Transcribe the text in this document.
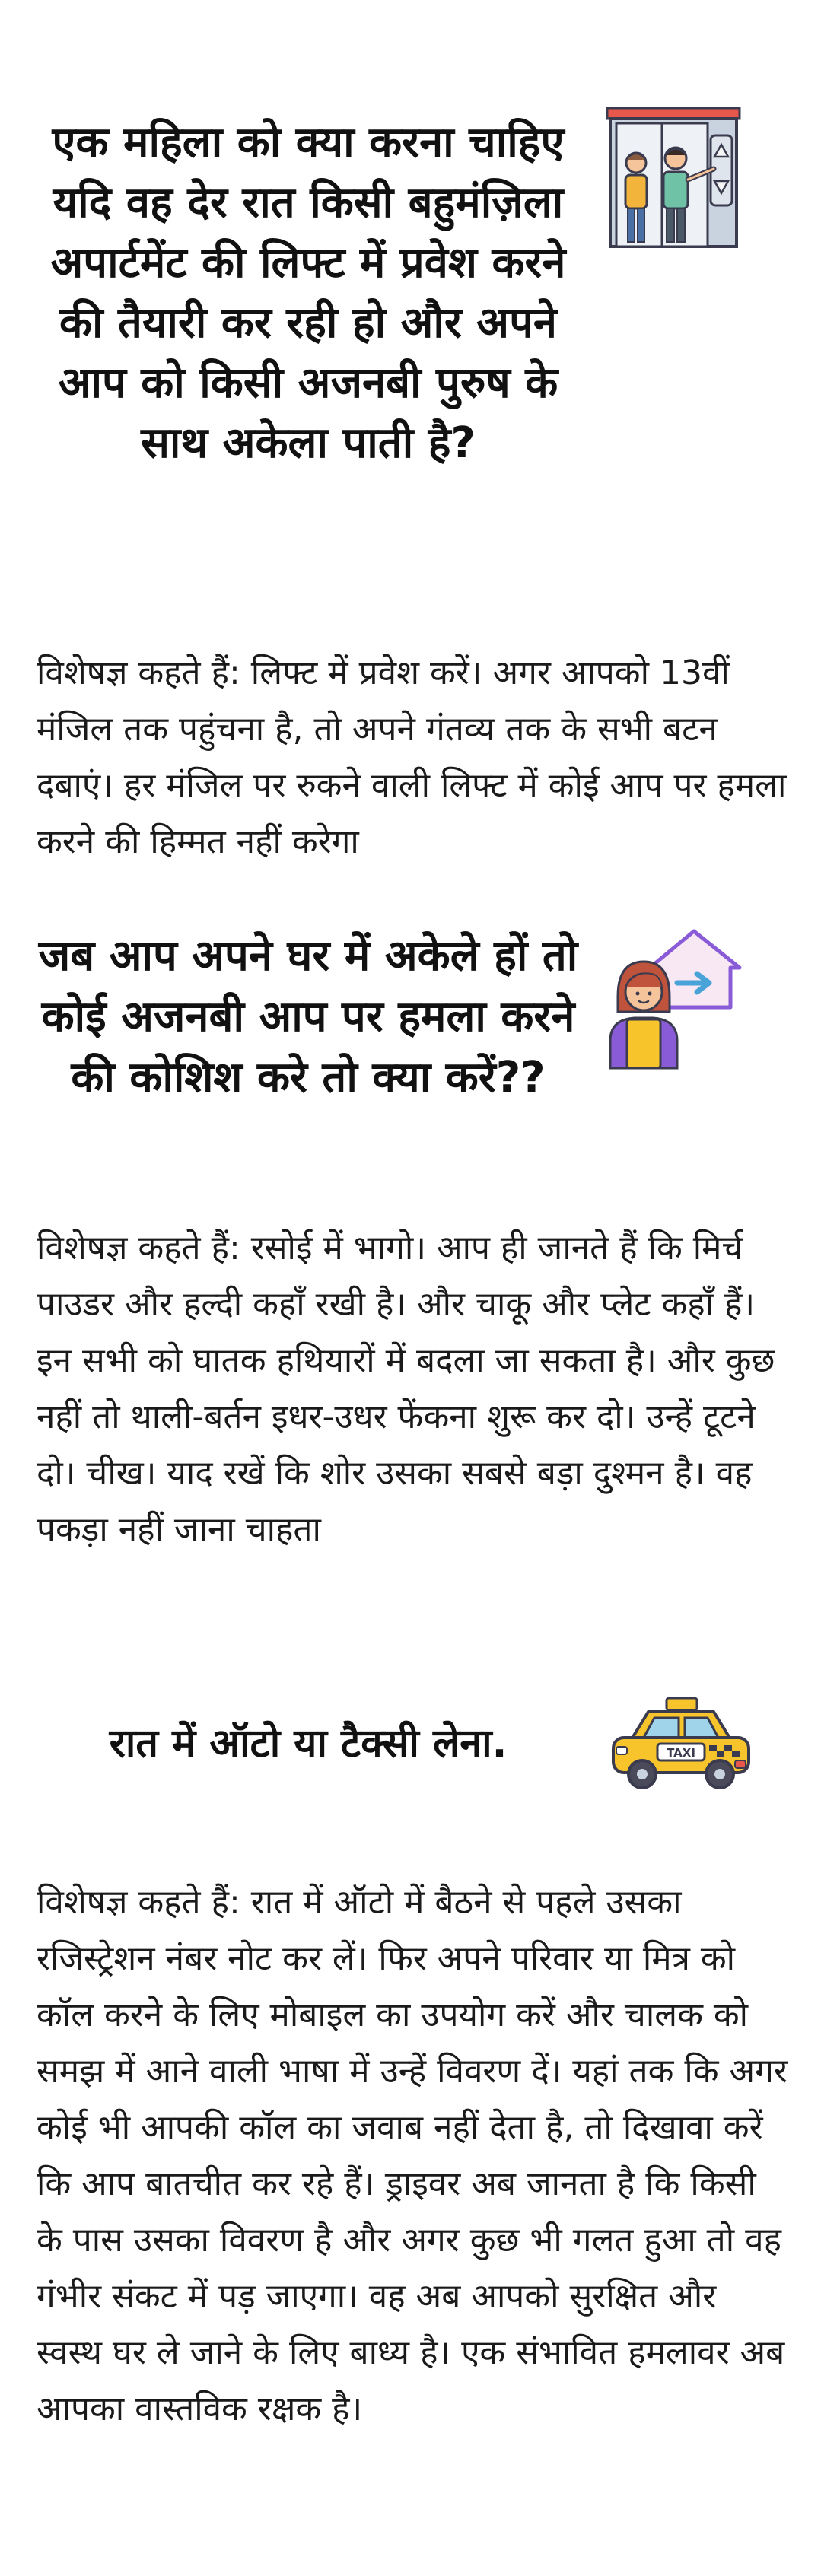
एक महिला को क्या करना चाहिए यदि वह देर रात किसी बहुमंज़िला अपार्टमेंट की लिफ्ट में प्रवेश करने की तैयारी कर रही हो और अपने आप को किसी अजनबी पुरुष के साथ अकेला पाती है?
विशेषज्ञ कहते हैं: लिफ्ट में प्रवेश करें। अगर आपको 13वीं मंजिल तक पहुंचना है, तो अपने गंतव्य तक के सभी बटन दबाएं। हर मंजिल पर रुकने वाली लिफ्ट में कोई आप पर हमला करने की हिम्मत नहीं करेगा
जब आप अपने घर में अकेले हों तो कोई अजनबी आप पर हमला करने की कोशिश करे तो क्या करें??
विशेषज्ञ कहते हैं: रसोई में भागो। आप ही जानते हैं कि मिर्च पाउडर और हल्दी कहाँ रखी है। और चाकू और प्लेट कहाँ हैं। इन सभी को घातक हथियारों में बदला जा सकता है। और कुछ नहीं तो थाली-बर्तन इधर-उधर फेंकना शुरू कर दो। उन्हें टूटने दो। चीख। याद रखें कि शोर उसका सबसे बड़ा दुश्मन है। वह पकड़ा नहीं जाना चाहता
रात में ऑटो या टैक्सी लेना.	TAXI
विशेषज्ञ कहते हैं: रात में ऑटो में बैठने से पहले उसका रजिस्ट्रेशन नंबर नोट कर लें। फिर अपने परिवार या मित्र को कॉल करने के लिए मोबाइल का उपयोग करें और चालक को समझ में आने वाली भाषा में उन्हें विवरण दें। यहां तक कि अगर कोई भी आपकी कॉल का जवाब नहीं देता है, तो दिखावा करें कि आप बातचीत कर रहे हैं। ड्राइवर अब जानता है कि किसी के पास उसका विवरण है और अगर कुछ भी गलत हुआ तो वह गंभीर संकट में पड़ जाएगा। वह अब आपको सुरक्षित और स्वस्थ घर ले जाने के लिए बाध्य है। एक संभावित हमलावर अब आपका वास्तविक रक्षक है।
